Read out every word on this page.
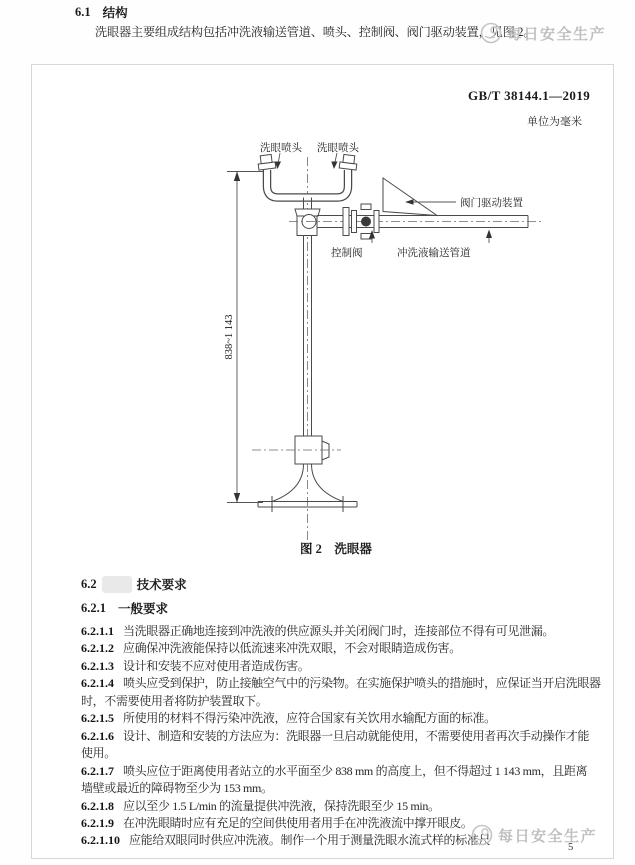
6.1 结构
洗眼器主要组成结构包括冲洗液输送管道、喷头、控制阀、阀门驱动装置，见图 2。
每日安全生产
GB/T 38144.1—2019
单位为毫米
838~1 143
洗眼喷头 洗眼喷头
阀门驱动装置
控制阀	冲洗液输送管道
图 2　洗眼器
6.2	技术要求
6.2.1 一般要求
6.2.1.1 当洗眼器正确地连接到冲洗液的供应源头并关闭阀门时，连接部位不得有可见泄漏。
6.2.1.2 应确保冲洗液能保持以低流速来冲洗双眼，不会对眼睛造成伤害。
6.2.1.3 设计和安装不应对使用者造成伤害。
6.2.1.4 喷头应受到保护，防止接触空气中的污染物。在实施保护喷头的措施时，应保证当开启洗眼器
时，不需要使用者将防护装置取下。
6.2.1.5 所使用的材料不得污染冲洗液，应符合国家有关饮用水输配方面的标准。
6.2.1.6 设计、制造和安装的方法应为：洗眼器一旦启动就能使用，不需要使用者再次手动操作才能
使用。
6.2.1.7 喷头应位于距离使用者站立的水平面至少 838 mm 的高度上，但不得超过 1 143 mm，且距离
墙壁或最近的障碍物至少为 153 mm。
6.2.1.8 应以至少 1.5 L/min 的流量提供冲洗液，保持洗眼至少 15 min。
6.2.1.9 在冲洗眼睛时应有充足的空间供使用者用手在冲洗液流中撑开眼皮。
6.2.1.10 应能给双眼同时供应冲洗液。制作一个用于测量洗眼水流式样的标准尺 每日安全生产
5
